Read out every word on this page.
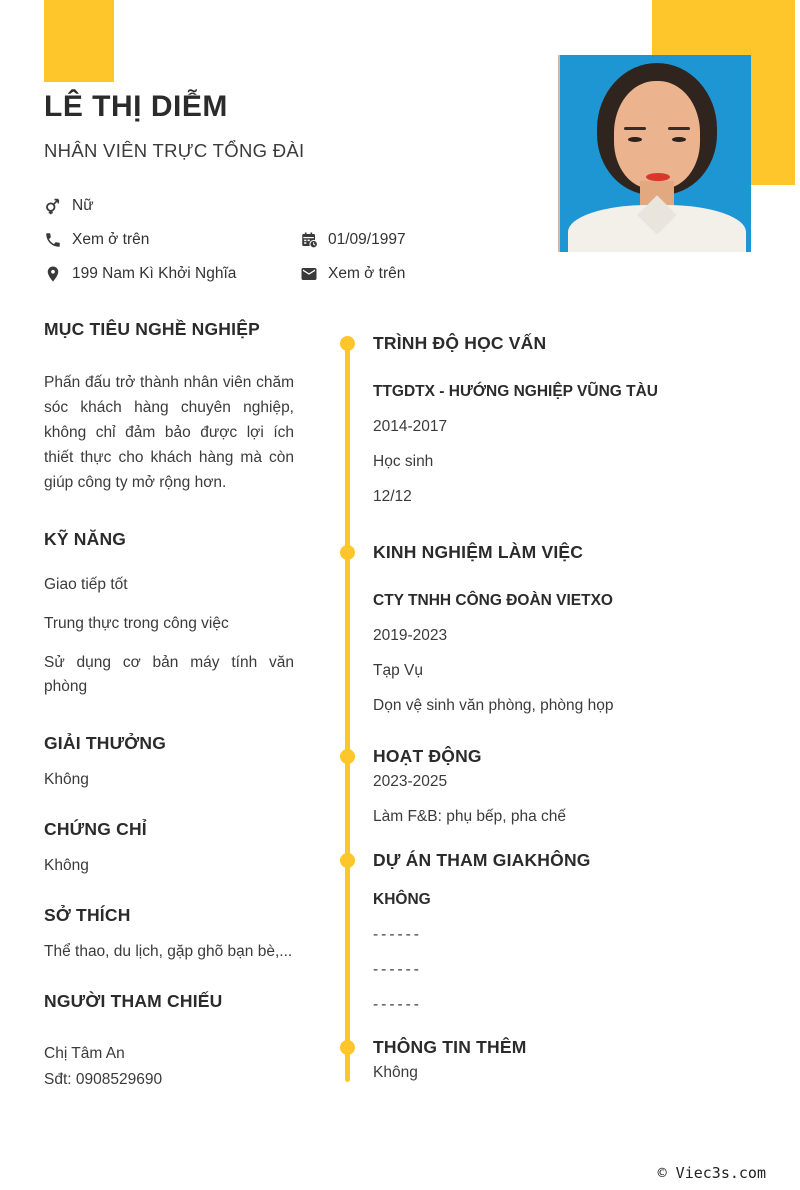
LÊ THỊ DIỄM
NHÂN VIÊN TRỰC TỔNG ĐÀI
Nữ
Xem ở trên	01/09/1997
199 Nam Kì Khởi Nghĩa	Xem ở trên
MỤC TIÊU NGHỀ NGHIỆP

Phấn đấu trở thành nhân viên chăm sóc khách hàng chuyên nghiệp, không chỉ đảm bảo được lợi ích thiết thực cho khách hàng mà còn giúp công ty mở rộng hơn.

KỸ NĂNG
Giao tiếp tốt
Trung thực trong công việc
Sử dụng cơ bản máy tính văn phòng
GIẢI THƯỞNG
Không
CHỨNG CHỈ
Không
SỞ THÍCH
Thể thao, du lịch, gặp ghõ bạn bè,...
NGƯỜI THAM CHIẾU
Chị Tâm An
Sđt: 0908529690
TRÌNH ĐỘ HỌC VẤN
TTGDTX - HƯỚNG NGHIỆP VŨNG TÀU
2014-2017
Học sinh
12/12
KINH NGHIỆM LÀM VIỆC
CTY TNHH CÔNG ĐOÀN VIETXO
2019-2023
Tạp Vụ
Dọn vệ sinh văn phòng, phòng họp
HOẠT ĐỘNG
2023-2025
Làm F&B: phụ bếp, pha chế
DỰ ÁN THAM GIAKHÔNG
KHÔNG
------
------
------
THÔNG TIN THÊM
Không
© Viec3s.com
